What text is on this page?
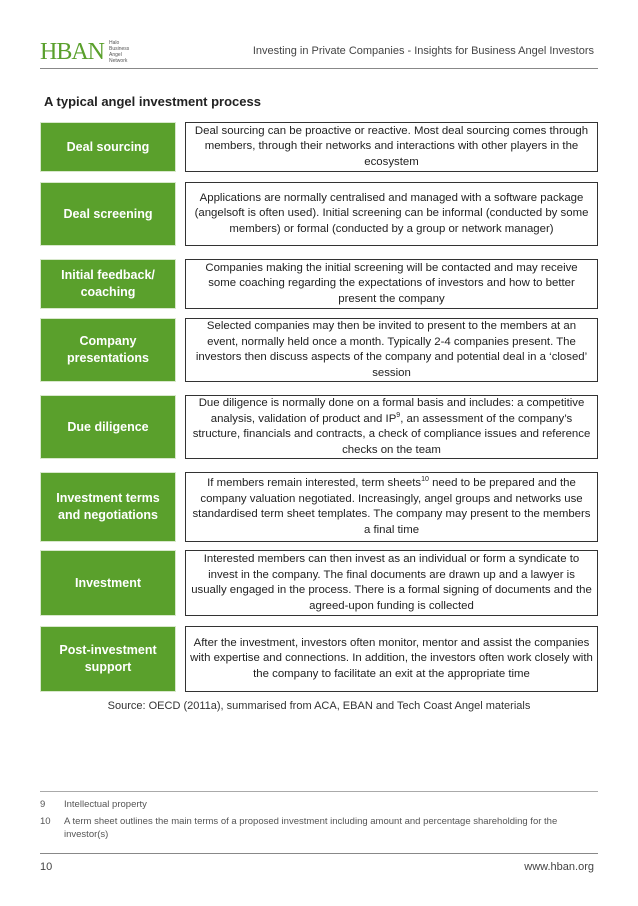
HBAN Halo
Business
Angel
Network
Investing in Private Companies - Insights for Business Angel Investors
A typical angel investment process
Deal sourcing
Deal sourcing can be proactive or reactive. Most deal sourcing comes through members, through their networks and interactions with other players in the ecosystem
Deal screening
Applications are normally centralised and managed with a software package (angelsoft is often used). Initial screening can be informal (conducted by some members) or formal (conducted by a group or network manager)
Initial feedback/ coaching
Companies making the initial screening will be contacted and may receive some coaching regarding the expectations of investors and how to better present the company
Company presentations
Selected companies may then be invited to present to the members at an event, normally held once a month. Typically 2-4 companies present. The investors then discuss aspects of the company and potential deal in a ‘closed’ session
Due diligence
Due diligence is normally done on a formal basis and includes: a competitive analysis, validation of product and $IP^9$, an assessment of the company’s structure, financials and contracts, a check of compliance issues and reference checks on the team
Investment terms and negotiations
If members remain interested, term sheets$^{10}$ need to be prepared and the company valuation negotiated. Increasingly, angel groups and networks use standardised term sheet templates. The company may present to the members a final time
Investment
Interested members can then invest as an individual or form a syndicate to invest in the company. The final documents are drawn up and a lawyer is usually engaged in the process. There is a formal signing of documents and the agreed-upon funding is collected
Post-investment support
After the investment, investors often monitor, mentor and assist the companies with expertise and connections. In addition, the investors often work closely with the company to facilitate an exit at the appropriate time
Source: OECD (2011a), summarised from ACA, EBAN and Tech Coast Angel materials
9	Intellectual property
10	A term sheet outlines the main terms of a proposed investment including amount and percentage shareholding for the investor(s)
10	www.hban.org
